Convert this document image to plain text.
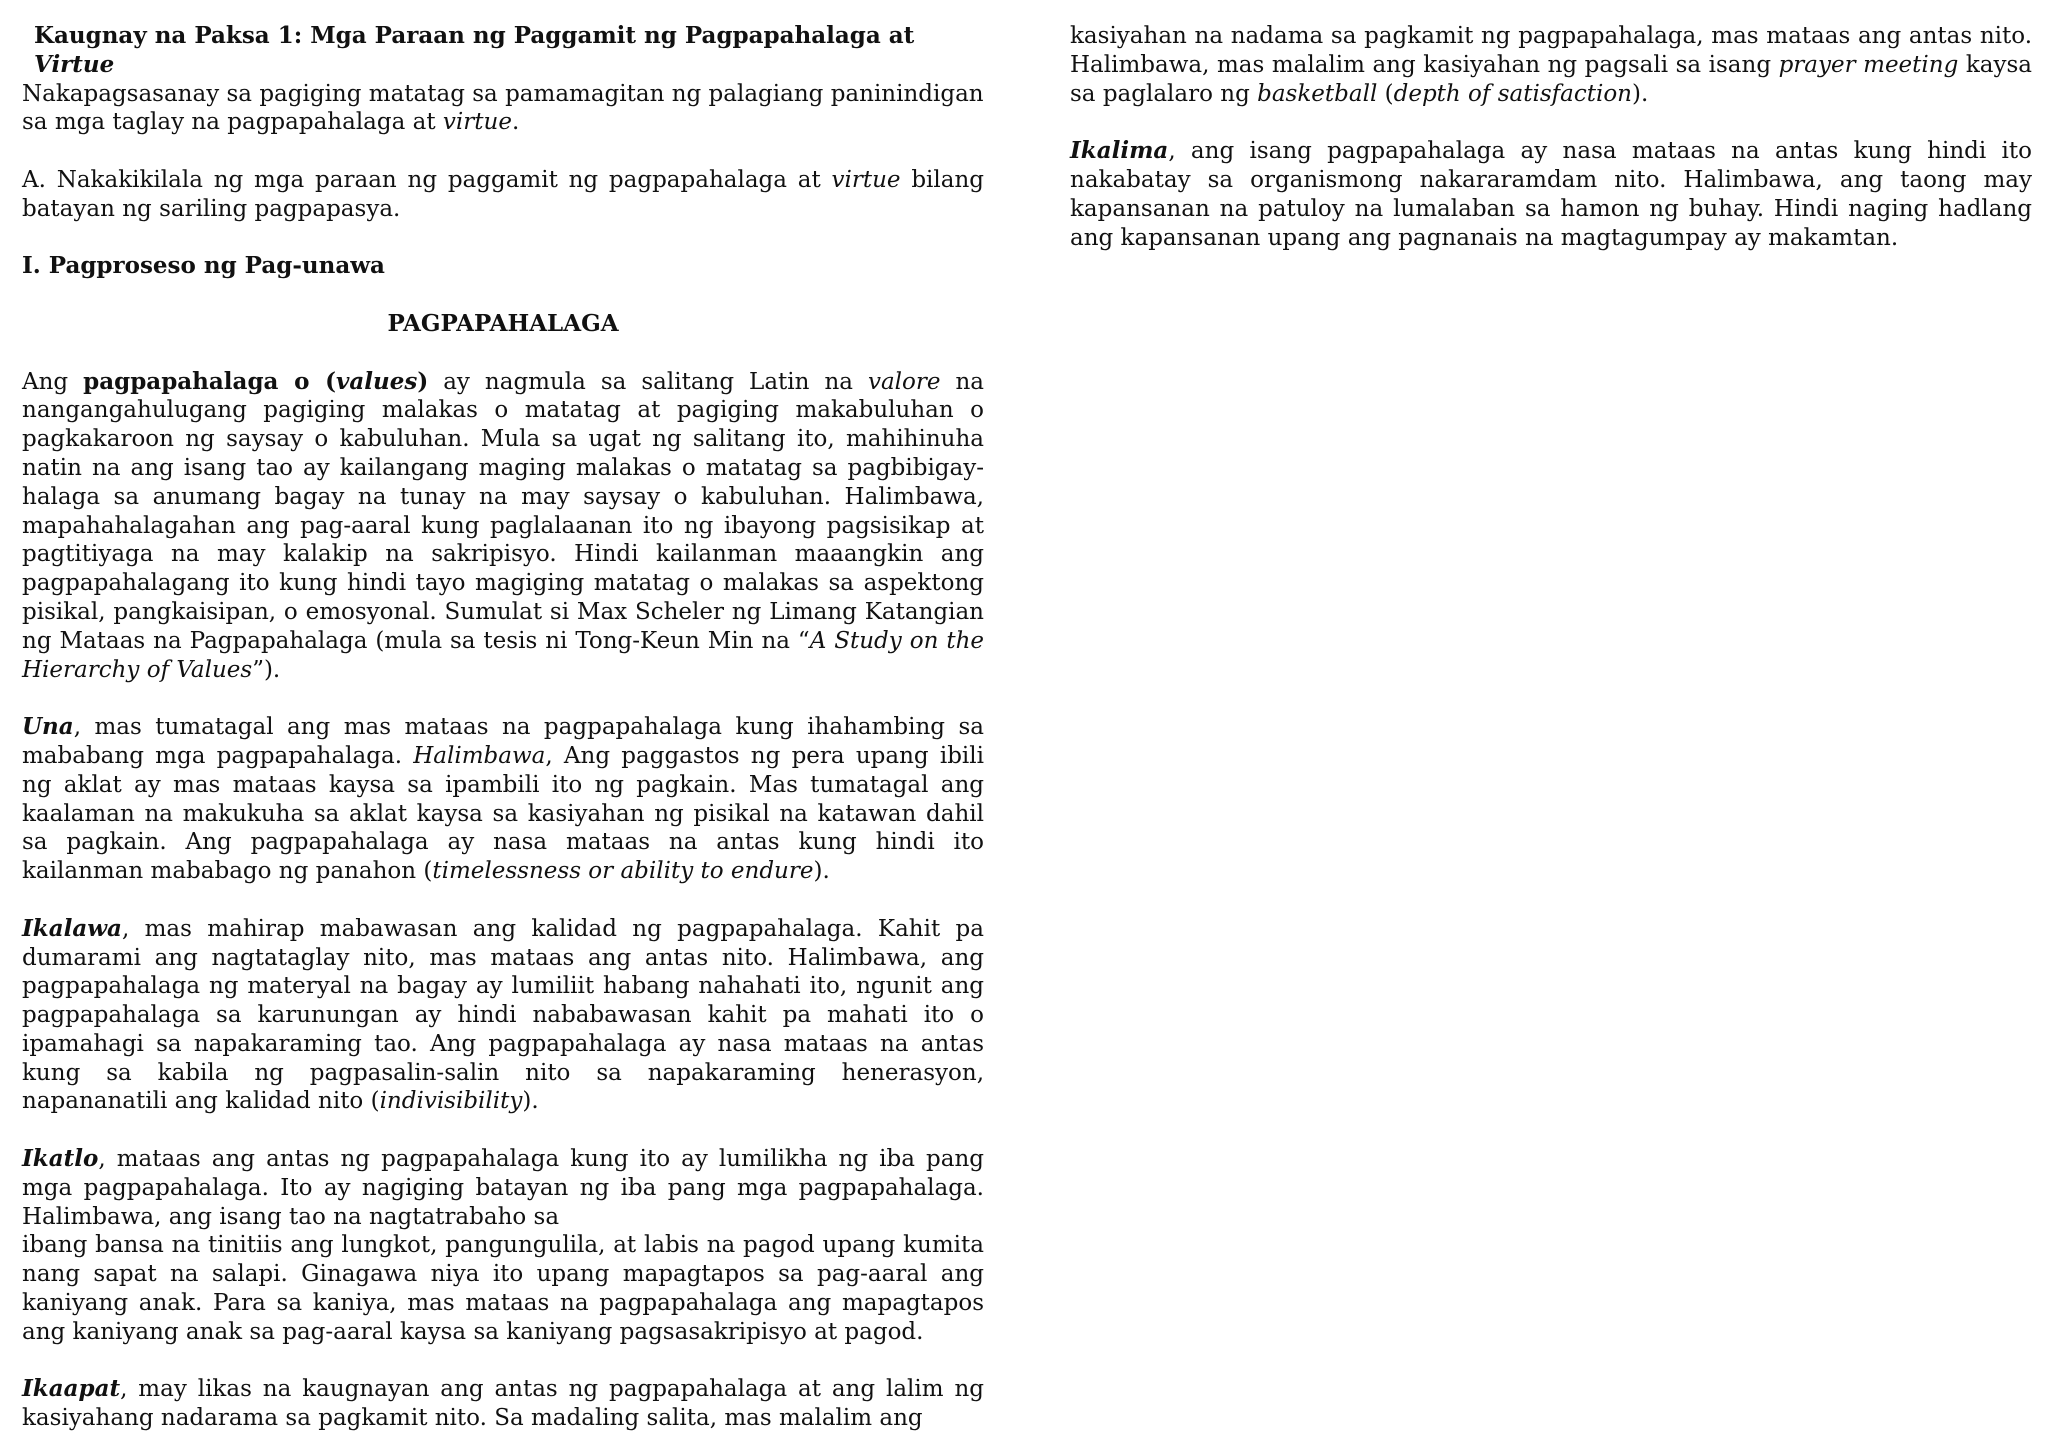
Kaugnay na Paksa 1: Mga Paraan ng Paggamit ng Pagpapahalaga at Virtue

Nakapagsasanay sa pagiging matatag sa pamamagitan ng palagiang paninindigan sa mga taglay na pagpapahalaga at virtue.

A. Nakakikilala ng mga paraan ng paggamit ng pagpapahalaga at virtue bilang batayan ng sariling pagpapasya.

I. Pagproseso ng Pag-unawa

PAGPAPAHALAGA

Ang pagpapahalaga o (values) ay nagmula sa salitang Latin na valore na nangangahulugang pagiging malakas o matatag at pagiging makabuluhan o pagkakaroon ng saysay o kabuluhan. Mula sa ugat ng salitang ito, mahihinuha natin na ang isang tao ay kailangang maging malakas o matatag sa pagbibigay-halaga sa anumang bagay na tunay na may saysay o kabuluhan. Halimbawa, mapahahalagahan ang pag-aaral kung paglalaanan ito ng ibayong pagsisikap at pagtitiyaga na may kalakip na sakripisyo. Hindi kailanman maaangkin ang pagpapahalagang ito kung hindi tayo magiging matatag o malakas sa aspektong pisikal, pangkaisipan, o emosyonal. Sumulat si Max Scheler ng Limang Katangian ng Mataas na Pagpapahalaga (mula sa tesis ni Tong-Keun Min na “A Study on the Hierarchy of Values”).

Una, mas tumatagal ang mas mataas na pagpapahalaga kung ihahambing sa mababang mga pagpapahalaga. Halimbawa, Ang paggastos ng pera upang ibili ng aklat ay mas mataas kaysa sa ipambili ito ng pagkain. Mas tumatagal ang kaalaman na makukuha sa aklat kaysa sa kasiyahan ng pisikal na katawan dahil sa pagkain. Ang pagpapahalaga ay nasa mataas na antas kung hindi ito kailanman mababago ng panahon (timelessness or ability to endure).

Ikalawa, mas mahirap mabawasan ang kalidad ng pagpapahalaga. Kahit pa dumarami ang nagtataglay nito, mas mataas ang antas nito. Halimbawa, ang pagpapahalaga ng materyal na bagay ay lumiliit habang nahahati ito, ngunit ang pagpapahalaga sa karunungan ay hindi nababawasan kahit pa mahati ito o ipamahagi sa napakaraming tao. Ang pagpapahalaga ay nasa mataas na antas kung sa kabila ng pagpasalin-salin nito sa napakaraming henerasyon, napananatili ang kalidad nito (indivisibility).

Ikatlo, mataas ang antas ng pagpapahalaga kung ito ay lumilikha ng iba pang mga pagpapahalaga. Ito ay nagiging batayan ng iba pang mga pagpapahalaga. Halimbawa, ang isang tao na nagtatrabaho sa

ibang bansa na tinitiis ang lungkot, pangungulila, at labis na pagod upang kumita nang sapat na salapi. Ginagawa niya ito upang mapagtapos sa pag-aaral ang kaniyang anak. Para sa kaniya, mas mataas na pagpapahalaga ang mapagtapos ang kaniyang anak sa pag-aaral kaysa sa kaniyang pagsasakripisyo at pagod.

Ikaapat, may likas na kaugnayan ang antas ng pagpapahalaga at ang lalim ng kasiyahang nadarama sa pagkamit nito. Sa madaling salita, mas malalim ang

kasiyahan na nadama sa pagkamit ng pagpapahalaga, mas mataas ang antas nito. Halimbawa, mas malalim ang kasiyahan ng pagsali sa isang prayer meeting kaysa sa paglalaro ng basketball (depth of satisfaction).

Ikalima, ang isang pagpapahalaga ay nasa mataas na antas kung hindi ito nakabatay sa organismong nakararamdam nito. Halimbawa, ang taong may kapansanan na patuloy na lumalaban sa hamon ng buhay. Hindi naging hadlang ang kapansanan upang ang pagnanais na magtagumpay ay makamtan.
